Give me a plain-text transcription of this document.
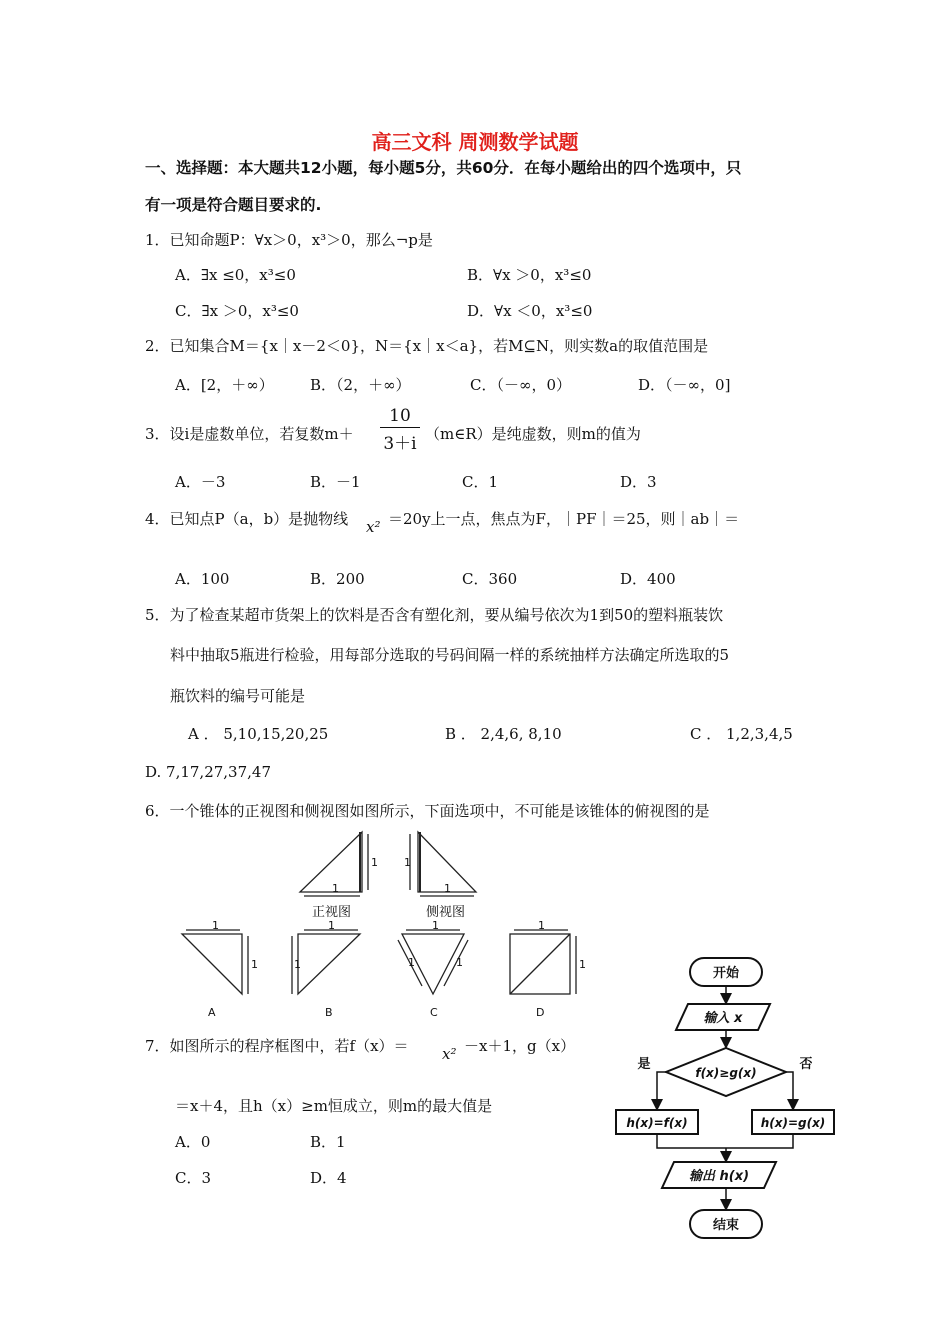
高三文科 周测数学试题
一、选择题：本大题共12小题，每小题5分，共60分．在每小题给出的四个选项中，只
有一项是符合题目要求的.
1．已知命题P：∀x＞0，x³＞0，那么¬p是
A．∃x ≤0，x³≤0	B．∀x ＞0，x³≤0
C．∃x ＞0，x³≤0	D．∀x ＜0，x³≤0
2．已知集合M＝{x｜x－2＜0}，N＝{x｜x＜a}，若M⊆N，则实数a的取值范围是
A．[2，＋∞） B．（2，＋∞）	C．（－∞，0）	D．（－∞，0]
3．设i是虚数单位，若复数$m+ \frac{10}{3+i}$ （m∈R）是纯虚数，则m的值为
A．－3	B．－1	C．1	D．3
4．已知点P（a，b）是抛物线 x² ＝20y上一点，焦点为F，｜PF｜＝25，则｜ab｜＝
A．100	B．200	C．360	D．400
5．为了检查某超市货架上的饮料是否含有塑化剂，要从编号依次为1到50的塑料瓶装饮
料中抽取5瓶进行检验，用每部分选取的号码间隔一样的系统抽样方法确定所选取的5
瓶饮料的编号可能是
A ． 5,10,15,20,25	B ． 2,4,6, 8,10	C ． 1,2,3,4,5
D. 7,17,27,37,47
6．一个锥体的正视图和侧视图如图所示，下面选项中，不可能是该锥体的俯视图的是
1
1
1
1
正视图	侧视图
1
1
1
1
1
1	1
1
1
A	B	C	D
7．如图所示的程序框图中，若f（x）＝ x² －x＋1，g（x）
＝x＋4，且h（x）≥m恒成立，则m的最大值是
A．0	B．1
C．3	D．4
开始
输入 x
f(x)≥g(x)
是	否
h(x)=f(x)	h(x)=g(x)
输出 h(x)
结束
